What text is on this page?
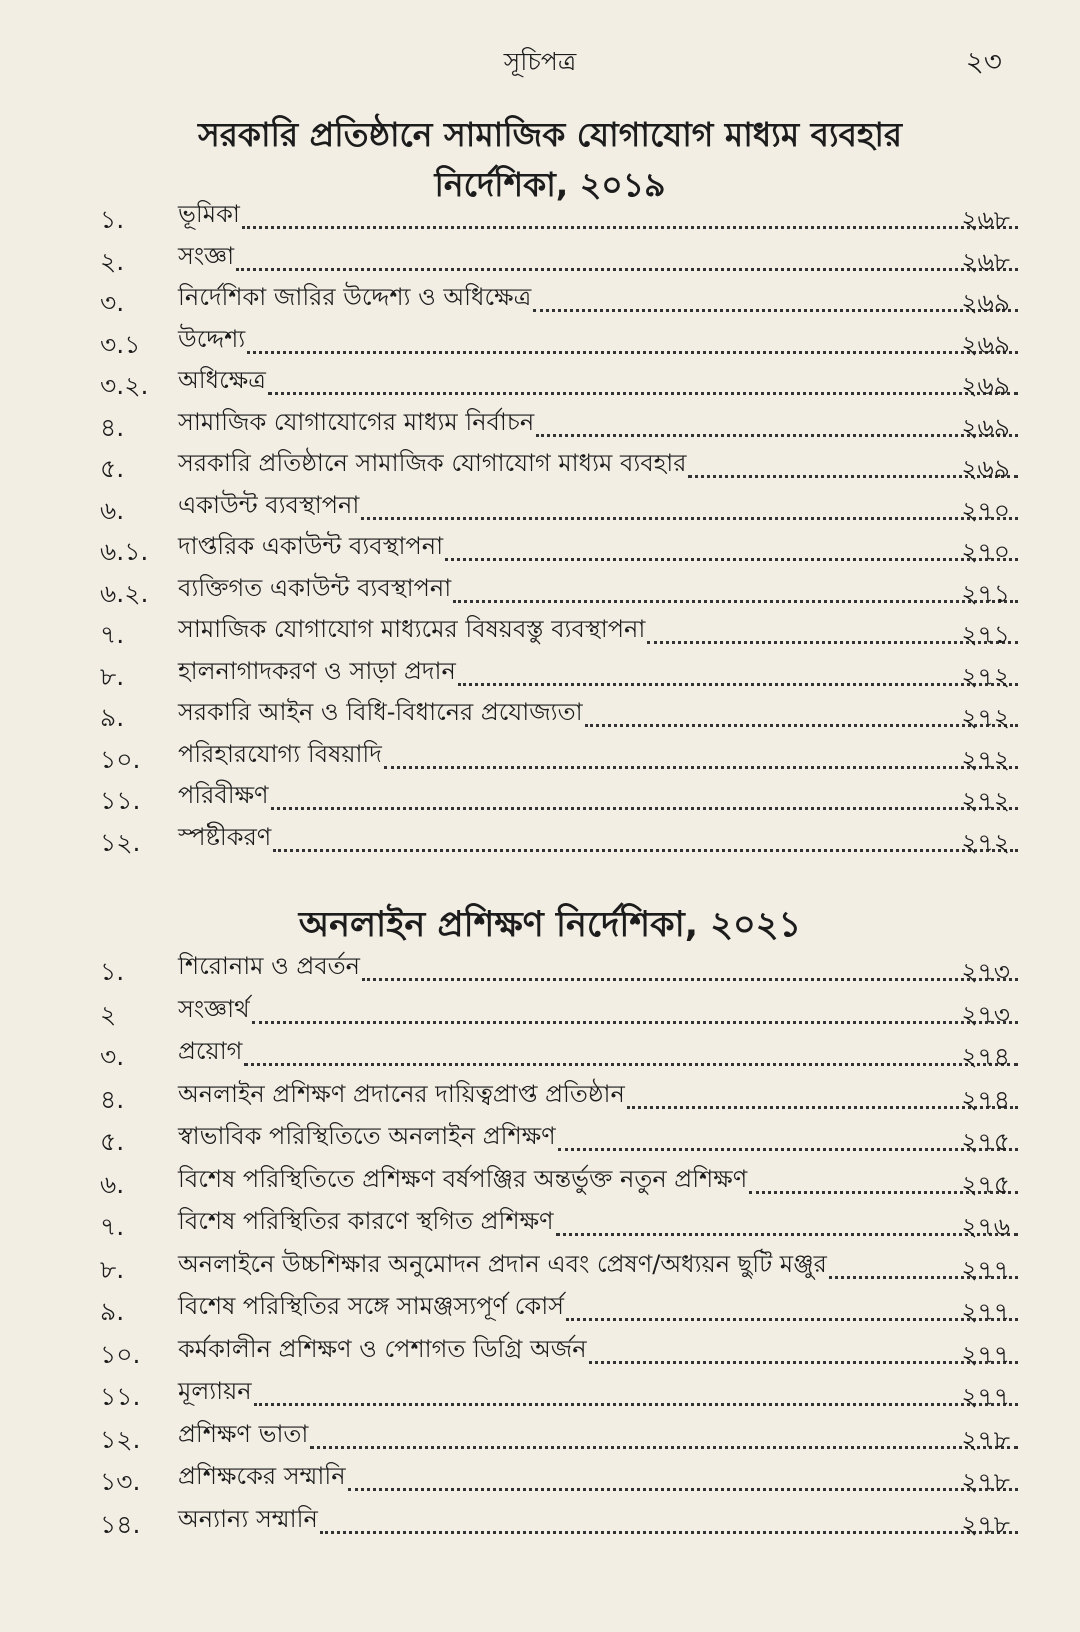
সূচিপত্র	২৩
সরকারি প্রতিষ্ঠানে সামাজিক যোগাযোগ মাধ্যম ব্যবহার
নির্দেশিকা, ২০১৯
১.	ভূমিকা	২৬৮
২.	সংজ্ঞা	২৬৮
৩.	নির্দেশিকা জারির উদ্দেশ্য ও অধিক্ষেত্র	২৬৯
৩.১	উদ্দেশ্য	২৬৯
৩.২.	অধিক্ষেত্র	২৬৯
৪.	সামাজিক যোগাযোগের মাধ্যম নির্বাচন	২৬৯
৫.	সরকারি প্রতিষ্ঠানে সামাজিক যোগাযোগ মাধ্যম ব্যবহার	২৬৯
৬.	একাউন্ট ব্যবস্থাপনা	২৭০
৬.১.	দাপ্তরিক একাউন্ট ব্যবস্থাপনা	২৭০
৬.২.	ব্যক্তিগত একাউন্ট ব্যবস্থাপনা	২৭১
৭.	সামাজিক যোগাযোগ মাধ্যমের বিষয়বস্তু ব্যবস্থাপনা	২৭১
৮.	হালনাগাদকরণ ও সাড়া প্রদান	২৭২
৯.	সরকারি আইন ও বিধি-বিধানের প্রযোজ্যতা	২৭২
১০.	পরিহারযোগ্য বিষয়াদি	২৭২
১১.	পরিবীক্ষণ	২৭২
১২.	স্পষ্টীকরণ	২৭২
অনলাইন প্রশিক্ষণ নির্দেশিকা, ২০২১
১.	শিরোনাম ও প্রবর্তন	২৭৩
২	সংজ্ঞার্থ	২৭৩
৩.	প্রয়োগ	২৭৪
৪.	অনলাইন প্রশিক্ষণ প্রদানের দায়িত্বপ্রাপ্ত প্রতিষ্ঠান	২৭৪
৫.	স্বাভাবিক পরিস্থিতিতে অনলাইন প্রশিক্ষণ	২৭৫
৬.	বিশেষ পরিস্থিতিতে প্রশিক্ষণ বর্ষপঞ্জির অন্তর্ভুক্ত নতুন প্রশিক্ষণ	২৭৫
৭.	বিশেষ পরিস্থিতির কারণে স্থগিত প্রশিক্ষণ	২৭৬
৮.	অনলাইনে উচ্চশিক্ষার অনুমোদন প্রদান এবং প্রেষণ/অধ্যয়ন ছুটি মঞ্জুর	২৭৭
৯.	বিশেষ পরিস্থিতির সঙ্গে সামঞ্জস্যপূর্ণ কোর্স	২৭৭
১০.	কর্মকালীন প্রশিক্ষণ ও পেশাগত ডিগ্রি অর্জন	২৭৭
১১.	মূল্যায়ন	২৭৭
১২.	প্রশিক্ষণ ভাতা	২৭৮
১৩.	প্রশিক্ষকের সম্মানি	২৭৮
১৪.	অন্যান্য সম্মানি	২৭৮
